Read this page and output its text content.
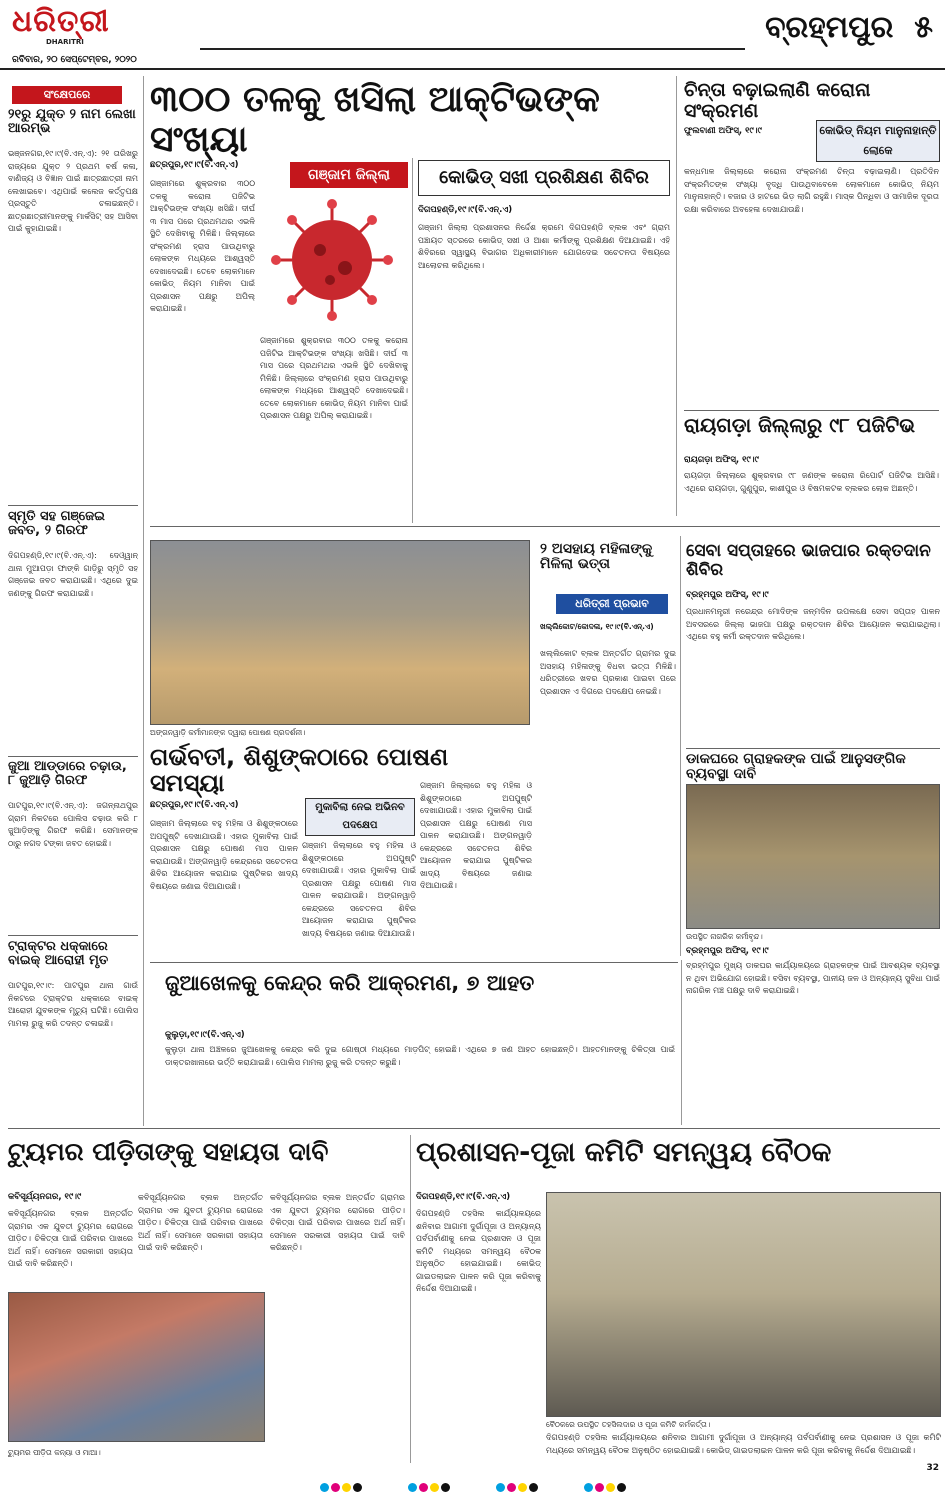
ଧରିତ୍ରୀ
DHARITRI
ରବିବାର, ୨୦ ସେପ୍ଟେମ୍ବର, ୨୦୨୦
ବ୍ରହ୍ମପୁର ୫
ସଂକ୍ଷେପରେ
୨୧ରୁ ଯୁକ୍ତ ୨ ନାମ ଲେଖା ଆରମ୍ଭ
ଭଞ୍ଜନଗର,୧୯।୯(ବି.ଏନ୍.ଏ): ୨୧ ତାରିଖରୁ ରାଜ୍ୟରେ ଯୁକ୍ତ ୨ ପ୍ରଥମ ବର୍ଷ କଳା, ବାଣିଜ୍ୟ ଓ ବିଜ୍ଞାନ ପାଇଁ ଛାତ୍ରଛାତ୍ରୀ ନାମ ଲେଖାଇବେ। ଏଥିପାଇଁ କଲେଜ କର୍ତ୍ତୃପକ୍ଷ ପ୍ରସ୍ତୁତି ଚଳାଇଛନ୍ତି। ଛାତ୍ରଛାତ୍ରୀମାନଙ୍କୁ ମାର୍କସିଟ୍ ସହ ଆସିବା ପାଇଁ କୁହାଯାଇଛି।
ସ୍ମୃତି ସହ ଗଞ୍ଜେଇ ଜବତ, ୨ ଗିରଫ
ଦିଗପହଣ୍ଡି,୧୯।୯(ବି.ଏନ୍.ଏ): ଦେଓ୍ୱାନ୍ ଥାନା ମୁଆପଡ଼ା ଫାଙ୍କି ଗାଡ଼ିରୁ ସ୍ମୃତି ସହ ଗଞ୍ଜେଇ ଜବତ କରାଯାଇଛି। ଏଥିରେ ଦୁଇ ଜଣଙ୍କୁ ଗିରଫ କରାଯାଇଛି।
ଜୁଆ ଆଡ୍ଡାରେ ଚଢ଼ାଉ, ୮ ଜୁଆଡ଼ି ଗିରଫ
ପାଟପୁର,୧୯।୯(ବି.ଏନ୍.ଏ): ଜଗନ୍ନାଥପୁର ଗ୍ରାମ ନିକଟରେ ପୋଲିସ ଚଢ଼ାଉ କରି ୮ ଜୁଆଡ଼ିଙ୍କୁ ଗିରଫ କରିଛି। ସେମାନଙ୍କ ଠାରୁ ନଗଦ ଟଙ୍କା ଜବତ ହୋଇଛି।
ଟ୍ରାକ୍ଟର ଧକ୍କାରେ ବାଇକ୍ ଆରୋହୀ ମୃତ
ପାଟପୁର,୧୯।୯: ପାଟପୁର ଥାନା ଗାଉଁ ନିକଟରେ ଟ୍ରାକ୍ଟର ଧକ୍କାରେ ବାଇକ୍ ଆରୋହୀ ଯୁବକଙ୍କ ମୃତ୍ୟୁ ଘଟିଛି। ପୋଲିସ ମାମଲା ରୁଜୁ କରି ତଦନ୍ତ ଚଳାଇଛି।
୩୦୦ ତଳକୁ ଖସିଲା ଆକ୍ଟିଭଙ୍କ ସଂଖ୍ୟା
ଛତ୍ରପୁର,୧୯।୯(ବି.ଏନ୍.ଏ)
ଗଞ୍ଜାମ ଜିଲ୍ଲା
ଗଞ୍ଜାମରେ ଶୁକ୍ରବାର ୩୦୦ ତଳକୁ କରୋନା ପଜିଟିଭ ଆକ୍ଟିଭଙ୍କ ସଂଖ୍ୟା ଖସିଛି। ଦୀର୍ଘ ୩ ମାସ ପରେ ପ୍ରଥମଥର ଏଭଳି ସ୍ଥିତି ଦେଖିବାକୁ ମିଳିଛି। ଜିଲ୍ଲାରେ ସଂକ୍ରମଣ ହ୍ରାସ ପାଉଥିବାରୁ ଲୋକଙ୍କ ମଧ୍ୟରେ ଆଶ୍ୱସ୍ତି ଦେଖାଦେଇଛି। ତେବେ ଲୋକମାନେ କୋଭିଡ୍ ନିୟମ ମାନିବା ପାଇଁ ପ୍ରଶାସନ ପକ୍ଷରୁ ଅପିଲ୍ କରାଯାଇଛି।
ଗଞ୍ଜାମରେ ଶୁକ୍ରବାର ୩୦୦ ତଳକୁ କରୋନା ପଜିଟିଭ ଆକ୍ଟିଭଙ୍କ ସଂଖ୍ୟା ଖସିଛି। ଦୀର୍ଘ ୩ ମାସ ପରେ ପ୍ରଥମଥର ଏଭଳି ସ୍ଥିତି ଦେଖିବାକୁ ମିଳିଛି। ଜିଲ୍ଲାରେ ସଂକ୍ରମଣ ହ୍ରାସ ପାଉଥିବାରୁ ଲୋକଙ୍କ ମଧ୍ୟରେ ଆଶ୍ୱସ୍ତି ଦେଖାଦେଇଛି। ତେବେ ଲୋକମାନେ କୋଭିଡ୍ ନିୟମ ମାନିବା ପାଇଁ ପ୍ରଶାସନ ପକ୍ଷରୁ ଅପିଲ୍ କରାଯାଇଛି।
କୋଭିଡ୍ ସଖୀ ପ୍ରଶିକ୍ଷଣ ଶିବିର
ଦିଗପହଣ୍ଡି,୧୯।୯(ବି.ଏନ୍.ଏ)
ଗଞ୍ଜାମ ଜିଲ୍ଲା ପ୍ରଶାସନର ନିର୍ଦ୍ଦେଶ କ୍ରମେ ଦିଗପହଣ୍ଡି ବ୍ଲକ ଏବଂ ଗ୍ରାମ ପଞ୍ଚାୟତ ସ୍ତରରେ କୋଭିଡ୍ ସଖୀ ଓ ଆଶା କର୍ମୀଙ୍କୁ ପ୍ରଶିକ୍ଷଣ ଦିଆଯାଇଛି। ଏହି ଶିବିରରେ ସ୍ୱାସ୍ଥ୍ୟ ବିଭାଗର ଅଧିକାରୀମାନେ ଯୋଗଦେଇ ସଚେତନତା ବିଷୟରେ ଆଲୋଚନା କରିଥିଲେ।
ଚିନ୍ତା ବଢ଼ାଇଲାଣି କରୋନା ସଂକ୍ରମଣ
ଫୁଲବାଣୀ ଅଫିସ୍, ୧୯।୯	କୋଭିଡ୍ ନିୟମ ମାନୁନାହାନ୍ତି ଲୋକେ
କନ୍ଧମାଳ ଜିଲ୍ଲାରେ କରୋନା ସଂକ୍ରମଣ ଚିନ୍ତା ବଢ଼ାଇଲାଣି। ପ୍ରତିଦିନ ସଂକ୍ରମିତଙ୍କ ସଂଖ୍ୟା ବୃଦ୍ଧି ପାଉଥିବାବେଳେ ଲୋକମାନେ କୋଭିଡ୍ ନିୟମ ମାନୁନାହାନ୍ତି। ବଜାର ଓ ହାଟରେ ଭିଡ଼ ଲାଗି ରହୁଛି। ମାସ୍କ ପିନ୍ଧିବା ଓ ସାମାଜିକ ଦୂରତା ରକ୍ଷା କରିବାରେ ଅବହେଳା ଦେଖାଯାଉଛି।
ରାୟଗଡ଼ା ଜିଲ୍ଲାରୁ ୯୮ ପଜିଟିଭ
ରାୟଗଡ଼ା ଅଫିସ୍, ୧୯।୯
ରାୟଗଡ଼ା ଜିଲ୍ଲାରେ ଶୁକ୍ରବାର ୯୮ ଜଣଙ୍କ କରୋନା ରିପୋର୍ଟ ପଜିଟିଭ ଆସିଛି। ଏଥିରେ ରାୟଗଡ଼ା, ଗୁଣୁପୁର, କାଶୀପୁର ଓ ବିଷମକଟକ ବ୍ଲକର ଲୋକ ଅଛନ୍ତି।
ଅଙ୍ଗନୱାଡ଼ି କର୍ମୀମାନଙ୍କ ଦ୍ୱାରା ପୋଷଣ ପ୍ରଦର୍ଶନୀ।
୨ ଅସହାୟ ମହିଳାଙ୍କୁ ମିଳିଲା ଭତ୍ତା
ଧରିତ୍ରୀ ପ୍ରଭାବ
ଖଲ୍ଲିକୋଟ/କୋଦଳା, ୧୯।୯(ବି.ଏନ୍.ଏ)
ଖଲ୍ଲିକୋଟ ବ୍ଲକ ଅନ୍ତର୍ଗତ ଗ୍ରାମର ଦୁଇ ଅସହାୟ ମହିଳାଙ୍କୁ ବିଧବା ଭତ୍ତା ମିଳିଛି। ଧରିତ୍ରୀରେ ଖବର ପ୍ରକାଶ ପାଇବା ପରେ ପ୍ରଶାସନ ଏ ଦିଗରେ ପଦକ୍ଷେପ ନେଇଛି।
ସେବା ସପ୍ତାହରେ ଭାଜପାର ରକ୍ତଦାନ ଶିବିର
ବ୍ରହ୍ମପୁର ଅଫିସ୍, ୧୯।୯
ପ୍ରଧାନମନ୍ତ୍ରୀ ନରେନ୍ଦ୍ର ମୋଦିଙ୍କ ଜନ୍ମଦିନ ଉପଲକ୍ଷେ ସେବା ସପ୍ତାହ ପାଳନ ଅବସରରେ ଜିଲ୍ଲା ଭାଜପା ପକ୍ଷରୁ ରକ୍ତଦାନ ଶିବିର ଆୟୋଜନ କରାଯାଇଥିଲା। ଏଥିରେ ବହୁ କର୍ମୀ ରକ୍ତଦାନ କରିଥିଲେ।
ଗର୍ଭବତୀ, ଶିଶୁଙ୍କଠାରେ ପୋଷଣ ସମସ୍ୟା
ଛତ୍ରପୁର,୧୯।୯(ବି.ଏନ୍.ଏ)	ମୁକାବିଲା ନେଇ ଅଭିନବ ପଦକ୍ଷେପ
ଗଞ୍ଜାମ ଜିଲ୍ଲାରେ ବହୁ ମହିଳା ଓ ଶିଶୁଙ୍କଠାରେ ଅପପୁଷ୍ଟି ଦେଖାଯାଉଛି। ଏହାର ମୁକାବିଲା ପାଇଁ ପ୍ରଶାସନ ପକ୍ଷରୁ ପୋଷଣ ମାସ ପାଳନ କରାଯାଉଛି। ଅଙ୍ଗନୱାଡ଼ି କେନ୍ଦ୍ରରେ ସଚେତନତା ଶିବିର ଆୟୋଜନ କରାଯାଇ ପୁଷ୍ଟିକର ଖାଦ୍ୟ ବିଷୟରେ ଜଣାଇ ଦିଆଯାଉଛି।
ଗଞ୍ଜାମ ଜିଲ୍ଲାରେ ବହୁ ମହିଳା ଓ ଶିଶୁଙ୍କଠାରେ ଅପପୁଷ୍ଟି ଦେଖାଯାଉଛି। ଏହାର ମୁକାବିଲା ପାଇଁ ପ୍ରଶାସନ ପକ୍ଷରୁ ପୋଷଣ ମାସ ପାଳନ କରାଯାଉଛି। ଅଙ୍ଗନୱାଡ଼ି କେନ୍ଦ୍ରରେ ସଚେତନତା ଶିବିର ଆୟୋଜନ କରାଯାଇ ପୁଷ୍ଟିକର ଖାଦ୍ୟ ବିଷୟରେ ଜଣାଇ ଦିଆଯାଉଛି।
ଗଞ୍ଜାମ ଜିଲ୍ଲାରେ ବହୁ ମହିଳା ଓ ଶିଶୁଙ୍କଠାରେ ଅପପୁଷ୍ଟି ଦେଖାଯାଉଛି। ଏହାର ମୁକାବିଲା ପାଇଁ ପ୍ରଶାସନ ପକ୍ଷରୁ ପୋଷଣ ମାସ ପାଳନ କରାଯାଉଛି। ଅଙ୍ଗନୱାଡ଼ି କେନ୍ଦ୍ରରେ ସଚେତନତା ଶିବିର ଆୟୋଜନ କରାଯାଇ ପୁଷ୍ଟିକର ଖାଦ୍ୟ ବିଷୟରେ ଜଣାଇ ଦିଆଯାଉଛି।
ଡାକଘରେ ଗ୍ରାହକଙ୍କ ପାଇଁ ଆନୁସଙ୍ଗିକ ବ୍ୟବସ୍ଥା ଦାବି
ଉପସ୍ଥିତ ନାଗରିକ କର୍ମୀବୃନ୍ଦ।
ବ୍ରହ୍ମପୁର ଅଫିସ୍, ୧୯।୯
ବ୍ରହ୍ମପୁର ମୁଖ୍ୟ ଡାକଘର କାର୍ଯ୍ୟାଳୟରେ ଗ୍ରାହକଙ୍କ ପାଇଁ ଆବଶ୍ୟକ ବ୍ୟବସ୍ଥା ନ ଥିବା ଅଭିଯୋଗ ହୋଇଛି। ବସିବା ବ୍ୟବସ୍ଥା, ପାନୀୟ ଜଳ ଓ ଅନ୍ୟାନ୍ୟ ସୁବିଧା ପାଇଁ ନାଗରିକ ମଞ୍ଚ ପକ୍ଷରୁ ଦାବି କରାଯାଇଛି।
ଜୁଆଖେଳକୁ କେନ୍ଦ୍ର କରି ଆକ୍ରମଣ, ୭ ଆହତ
କୁଲୁଡ଼ା,୧୯।୯(ବି.ଏନ୍.ଏ)
କୁଲୁଡ଼ା ଥାନା ଅଞ୍ଚଳରେ ଜୁଆଖେଳକୁ କେନ୍ଦ୍ର କରି ଦୁଇ ଗୋଷ୍ଠୀ ମଧ୍ୟରେ ମାଡ଼ପିଟ୍ ହୋଇଛି। ଏଥିରେ ୭ ଜଣ ଆହତ ହୋଇଛନ୍ତି। ଆହତମାନଙ୍କୁ ଚିକିତ୍ସା ପାଇଁ ଡାକ୍ତରଖାନାରେ ଭର୍ତ୍ତି କରାଯାଇଛି। ପୋଲିସ ମାମଲା ରୁଜୁ କରି ତଦନ୍ତ କରୁଛି।
ଟ୍ୟୁମର ପୀଡ଼ିତାଙ୍କୁ ସହାୟତା ଦାବି
କବିସୂର୍ଯ୍ୟନଗର, ୧୯।୯
କବିସୂର୍ଯ୍ୟନଗର ବ୍ଲକ ଅନ୍ତର୍ଗତ ଗ୍ରାମର ଏକ ଯୁବତୀ ଟ୍ୟୁମର ରୋଗରେ ପୀଡ଼ିତ। ଚିକିତ୍ସା ପାଇଁ ପରିବାର ପାଖରେ ଅର୍ଥ ନାହିଁ। ସେମାନେ ସରକାରୀ ସହାୟତା ପାଇଁ ଦାବି କରିଛନ୍ତି।
କବିସୂର୍ଯ୍ୟନଗର ବ୍ଲକ ଅନ୍ତର୍ଗତ ଗ୍ରାମର ଏକ ଯୁବତୀ ଟ୍ୟୁମର ରୋଗରେ ପୀଡ଼ିତ। ଚିକିତ୍ସା ପାଇଁ ପରିବାର ପାଖରେ ଅର୍ଥ ନାହିଁ। ସେମାନେ ସରକାରୀ ସହାୟତା ପାଇଁ ଦାବି କରିଛନ୍ତି।
କବିସୂର୍ଯ୍ୟନଗର ବ୍ଲକ ଅନ୍ତର୍ଗତ ଗ୍ରାମର ଏକ ଯୁବତୀ ଟ୍ୟୁମର ରୋଗରେ ପୀଡ଼ିତ। ଚିକିତ୍ସା ପାଇଁ ପରିବାର ପାଖରେ ଅର୍ଥ ନାହିଁ। ସେମାନେ ସରକାରୀ ସହାୟତା ପାଇଁ ଦାବି କରିଛନ୍ତି।
ଟ୍ୟୁମର ପୀଡ଼ିତା କନ୍ୟା ଓ ମାଆ।
ପ୍ରଶାସନ-ପୂଜା କମିଟି ସମନ୍ୱୟ ବୈଠକ
ଦିଗପହଣ୍ଡି,୧୯।୯(ବି.ଏନ୍.ଏ)
ଦିଗପହଣ୍ଡି ତହସିଲ କାର୍ଯ୍ୟାଳୟରେ ଶନିବାର ଆଗାମୀ ଦୁର୍ଗାପୂଜା ଓ ଅନ୍ୟାନ୍ୟ ପର୍ବପର୍ବାଣୀକୁ ନେଇ ପ୍ରଶାସନ ଓ ପୂଜା କମିଟି ମଧ୍ୟରେ ସମନ୍ୱୟ ବୈଠକ ଅନୁଷ୍ଠିତ ହୋଇଯାଇଛି। କୋଭିଡ୍ ଗାଇଡଲାଇନ ପାଳନ କରି ପୂଜା କରିବାକୁ ନିର୍ଦ୍ଦେଶ ଦିଆଯାଇଛି।
ବୈଠକରେ ଉପସ୍ଥିତ ତହସିଲଦାର ଓ ପୂଜା କମିଟି କର୍ମକର୍ତ୍ତା।
ଦିଗପହଣ୍ଡି ତହସିଲ କାର୍ଯ୍ୟାଳୟରେ ଶନିବାର ଆଗାମୀ ଦୁର୍ଗାପୂଜା ଓ ଅନ୍ୟାନ୍ୟ ପର୍ବପର୍ବାଣୀକୁ ନେଇ ପ୍ରଶାସନ ଓ ପୂଜା କମିଟି ମଧ୍ୟରେ ସମନ୍ୱୟ ବୈଠକ ଅନୁଷ୍ଠିତ ହୋଇଯାଇଛି। କୋଭିଡ୍ ଗାଇଡଲାଇନ ପାଳନ କରି ପୂଜା କରିବାକୁ ନିର୍ଦ୍ଦେଶ ଦିଆଯାଇଛି।

32
